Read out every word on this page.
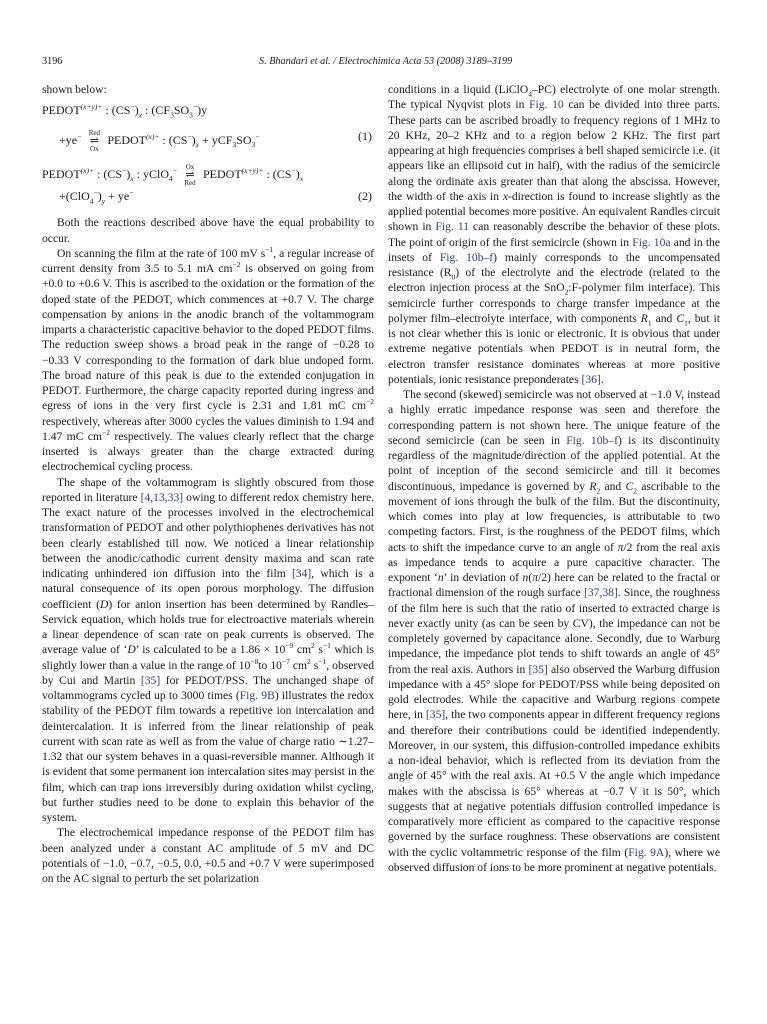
3196	S. Bhandari et al. / Electrochimica Acta 53 (2008) 3189–3199

shown below:

$PEDOT^{(x+y)+}$ : $(CS^-)_x$ : $(CF_3SO_3^-)y$
+ye−	Red
⇌
Ox
$PEDOT^{(x)+}$ : $(CS^-)_x + yCF_3SO_3^-$	(1)
$PEDOT^{(x)+}$ : $(CS^-)_x$ : yClO$_4$−	Ox
⇌
Red
$PEDOT^{(x+y)+}$ : $(CS^-)_x$
$+(ClO_4^-)_y + ye^-$	(2)

Both the reactions described above have the equal probability to occur.

On scanning the film at the rate of 100 mV $s^{-1}$, a regular increase of current density from 3.5 to 5.1 mA $cm^{-2}$ is observed on going from +0.0 to +0.6 V. This is ascribed to the oxidation or the formation of the doped state of the PEDOT, which commences at +0.7 V. The charge compensation by anions in the anodic branch of the voltammogram imparts a characteristic capacitive behavior to the doped PEDOT films. The reduction sweep shows a broad peak in the range of −0.28 to −0.33 V corresponding to the formation of dark blue undoped form. The broad nature of this peak is due to the extended conjugation in PEDOT. Furthermore, the charge capacity reported during ingress and egress of ions in the very first cycle is 2.31 and 1.81 mC $cm^{-2}$ respectively, whereas after 3000 cycles the values diminish to 1.94 and 1.47 mC $cm^{-2}$ respectively. The values clearly reflect that the charge inserted is always greater than the charge extracted during electrochemical cycling process.

The shape of the voltammogram is slightly obscured from those reported in literature [4,13,33] owing to different redox chemistry here. The exact nature of the processes involved in the electrochemical transformation of PEDOT and other polythiophenes derivatives has not been clearly established till now. We noticed a linear relationship between the anodic/cathodic current density maxima and scan rate indicating unhindered ion diffusion into the film [34], which is a natural consequence of its open porous morphology. The diffusion coefficient (D) for anion insertion has been determined by Randles–Servick equation, which holds true for electroactive materials wherein a linear dependence of scan rate on peak currents is observed. The average value of ‘D’ is calculated to be a $1.86 \times 10^{-9}$ $cm^2$ $s^{-1}$ which is slightly lower than a value in the range of $10^{-8}to$ $10^{-7}$ $cm^2$ $s^{-1}$, observed by Cui and Martin [35] for PEDOT/PSS. The unchanged shape of voltammograms cycled up to 3000 times (Fig. 9B) illustrates the redox stability of the PEDOT film towards a repetitive ion intercalation and deintercalation. It is inferred from the linear relationship of peak current with scan rate as well as from the value of charge ratio ∼1.27–1.32 that our system behaves in a quasi-reversible manner. Although it is evident that some permanent ion intercalation sites may persist in the film, which can trap ions irreversibly during oxidation whilst cycling, but further studies need to be done to explain this behavior of the system.

The electrochemical impedance response of the PEDOT film has been analyzed under a constant AC amplitude of 5 mV and DC potentials of −1.0, −0.7, −0.5, 0.0, +0.5 and +0.7 V were superimposed on the AC signal to perturb the set polarization

conditions in a liquid (LiClO$_4$–PC) electrolyte of one molar strength. The typical Nyqvist plots in Fig. 10 can be divided into three parts. These parts can be ascribed broadly to frequency regions of 1 MHz to 20 KHz, 20–2 KHz and to a region below 2 KHz. The first part appearing at high frequencies comprises a bell shaped semicircle i.e. (it appears like an ellipsoid cut in half), with the radius of the semicircle along the ordinate axis greater than that along the abscissa. However, the width of the axis in x-direction is found to increase slightly as the applied potential becomes more positive. An equivalent Randles circuit shown in Fig. 11 can reasonably describe the behavior of these plots. The point of origin of the first semicircle (shown in Fig. 10a and in the insets of Fig. 10b–f) mainly corresponds to the uncompensated resistance $(R_0)$ of the electrolyte and the electrode (related to the electron injection process at the SnO$_2$:F-polymer film interface). This semicircle further corresponds to charge transfer impedance at the polymer film–electrolyte interface, with components $R_1$ and $C_1$, but it is not clear whether this is ionic or electronic. It is obvious that under extreme negative potentials when PEDOT is in neutral form, the electron transfer resistance dominates whereas at more positive potentials, ionic resistance preponderates [36].

The second (skewed) semicircle was not observed at −1.0 V, instead a highly erratic impedance response was seen and therefore the corresponding pattern is not shown here. The unique feature of the second semicircle (can be seen in Fig. 10b–f) is its discontinuity regardless of the magnitude/direction of the applied potential. At the point of inception of the second semicircle and till it becomes discontinuous, impedance is governed by $R_2$ and $C_2$ ascribable to the movement of ions through the bulk of the film. But the discontinuity, which comes into play at low frequencies, is attributable to two competing factors. First, is the roughness of the PEDOT films, which acts to shift the impedance curve to an angle of π/2 from the real axis as impedance tends to acquire a pure capacitive character. The exponent ‘n’ in deviation of n(π/2) here can be related to the fractal or fractional dimension of the rough surface [37,38]. Since, the roughness of the film here is such that the ratio of inserted to extracted charge is never exactly unity (as can be seen by CV), the impedance can not be completely governed by capacitance alone. Secondly, due to Warburg impedance, the impedance plot tends to shift towards an angle of 45° from the real axis. Authors in [35] also observed the Warburg diffusion impedance with a 45° slope for PEDOT/PSS while being deposited on gold electrodes. While the capacitive and Warburg regions compete here, in [35], the two components appear in different frequency regions and therefore their contributions could be identified independently. Moreover, in our system, this diffusion-controlled impedance exhibits a non-ideal behavior, which is reflected from its deviation from the angle of 45° with the real axis. At +0.5 V the angle which impedance makes with the abscissa is 65° whereas at −0.7 V it is 50°, which suggests that at negative potentials diffusion controlled impedance is comparatively more efficient as compared to the capacitive response governed by the surface roughness. These observations are consistent with the cyclic voltammetric response of the film (Fig. 9A), where we observed diffusion of ions to be more prominent at negative potentials.
